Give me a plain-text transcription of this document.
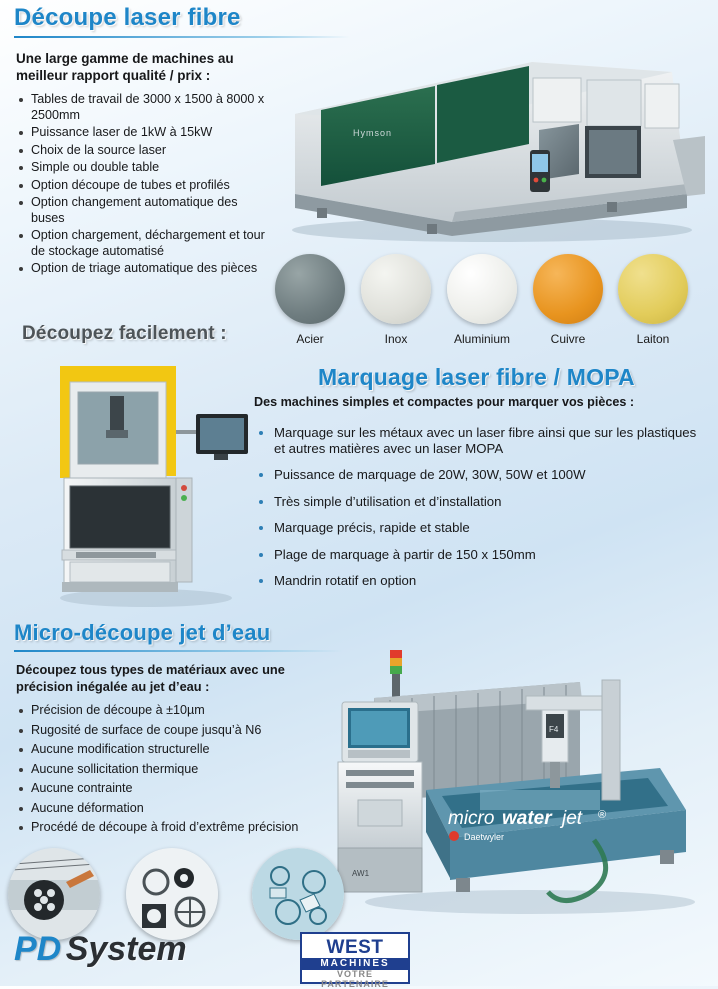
Découpe laser fibre
Une large gamme de machines au meilleur rapport qualité / prix :
Tables de travail de 3000 x 1500 à 8000 x 2500mm
Puissance laser de 1kW à 15kW
Choix de la source laser
Simple ou double table
Option découpe de tubes et profilés
Option changement automatique des buses
Option chargement, déchargement et tour de stockage automatisé
Option de triage automatique des pièces
Hymson
Acier	Inox	Aluminium	Cuivre	Laiton
Découpez facilement :
Marquage laser fibre / MOPA
Des machines simples et compactes pour marquer vos pièces :
Marquage sur les métaux avec un laser fibre ainsi que sur les plastiques et autres matières avec un laser MOPA
Puissance de marquage de 20W, 30W, 50W et 100W
Très simple d’utilisation et d’installation
Marquage précis, rapide et stable
Plage de marquage à partir de 150 x 150mm
Mandrin rotatif en option
Micro-découpe jet d’eau
Découpez tous types de matériaux avec une précision inégalée au jet d’eau :
Précision de découpe à ±10µm
Rugosité de surface de coupe jusqu’à N6
Aucune modification structurelle
Aucune sollicitation thermique
Aucune contrainte
Aucune déformation
Procédé de découpe à froid d’extrême précision
AW1
F4
micro water jet ®
Daetwyler
PD System	WEST
MACHINES
VOTRE PARTENAIRE
